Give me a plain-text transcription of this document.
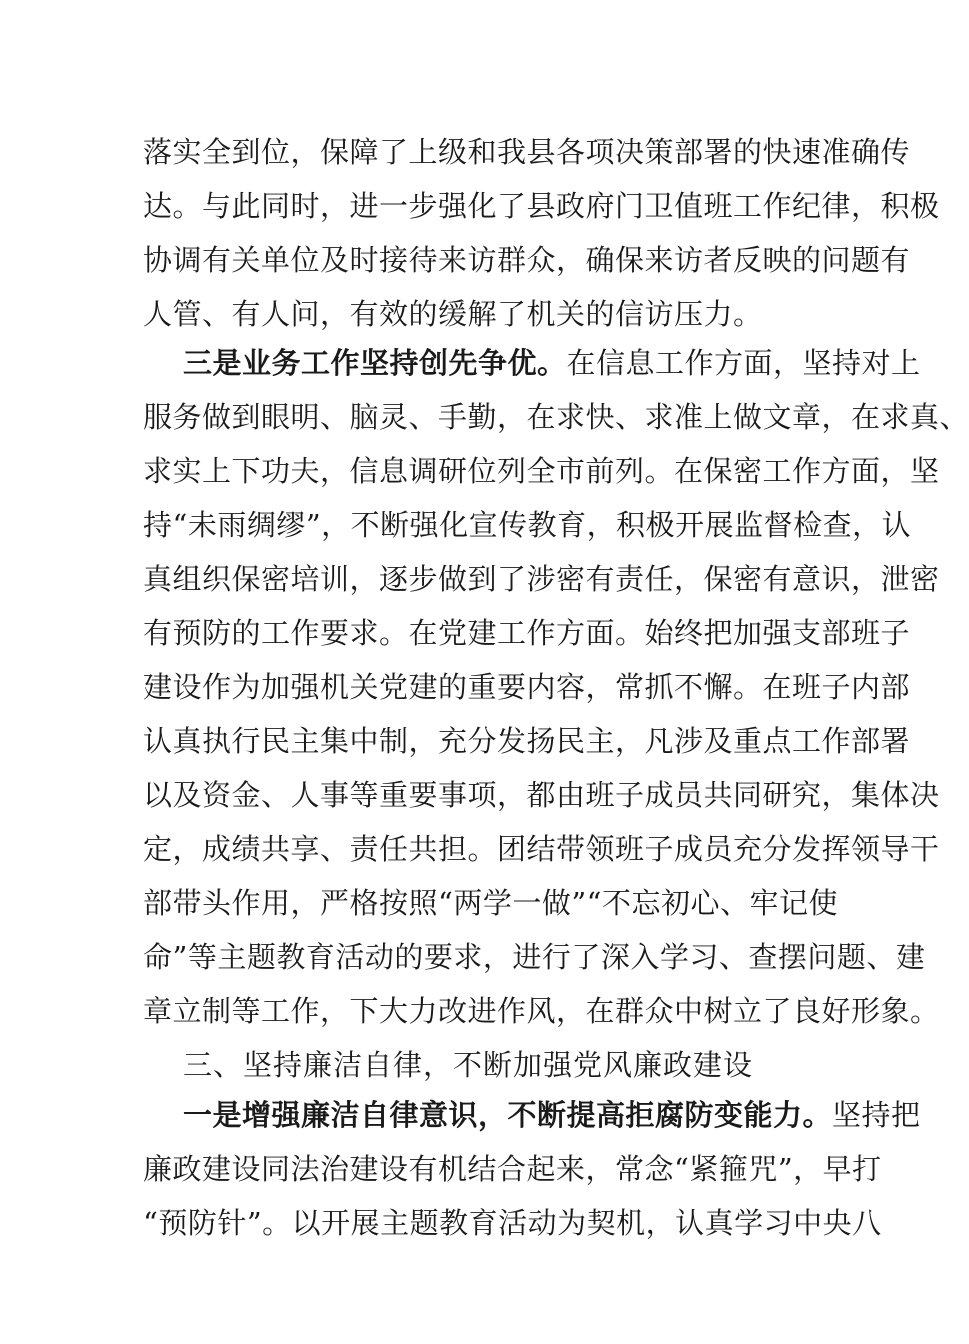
落实全到位，保障了上级和我县各项决策部署的快速准确传
达。与此同时，进一步强化了县政府门卫值班工作纪律，积极
协调有关单位及时接待来访群众，确保来访者反映的问题有
人管、有人问，有效的缓解了机关的信访压力。
三是业务工作坚持创先争优。在信息工作方面，坚持对上
服务做到眼明、脑灵、手勤，在求快、求准上做文章，在求真、
求实上下功夫，信息调研位列全市前列。在保密工作方面，坚
持“未雨绸缪”，不断强化宣传教育，积极开展监督检查，认
真组织保密培训，逐步做到了涉密有责任，保密有意识，泄密
有预防的工作要求。在党建工作方面。始终把加强支部班子
建设作为加强机关党建的重要内容，常抓不懈。在班子内部
认真执行民主集中制，充分发扬民主，凡涉及重点工作部署
以及资金、人事等重要事项，都由班子成员共同研究，集体决
定，成绩共享、责任共担。团结带领班子成员充分发挥领导干
部带头作用，严格按照“两学一做”“不忘初心、牢记使
命”等主题教育活动的要求，进行了深入学习、查摆问题、建
章立制等工作，下大力改进作风，在群众中树立了良好形象。
三、坚持廉洁自律，不断加强党风廉政建设
一是增强廉洁自律意识，不断提高拒腐防变能力。坚持把
廉政建设同法治建设有机结合起来，常念“紧箍咒”，早打
“预防针”。以开展主题教育活动为契机，认真学习中央八
